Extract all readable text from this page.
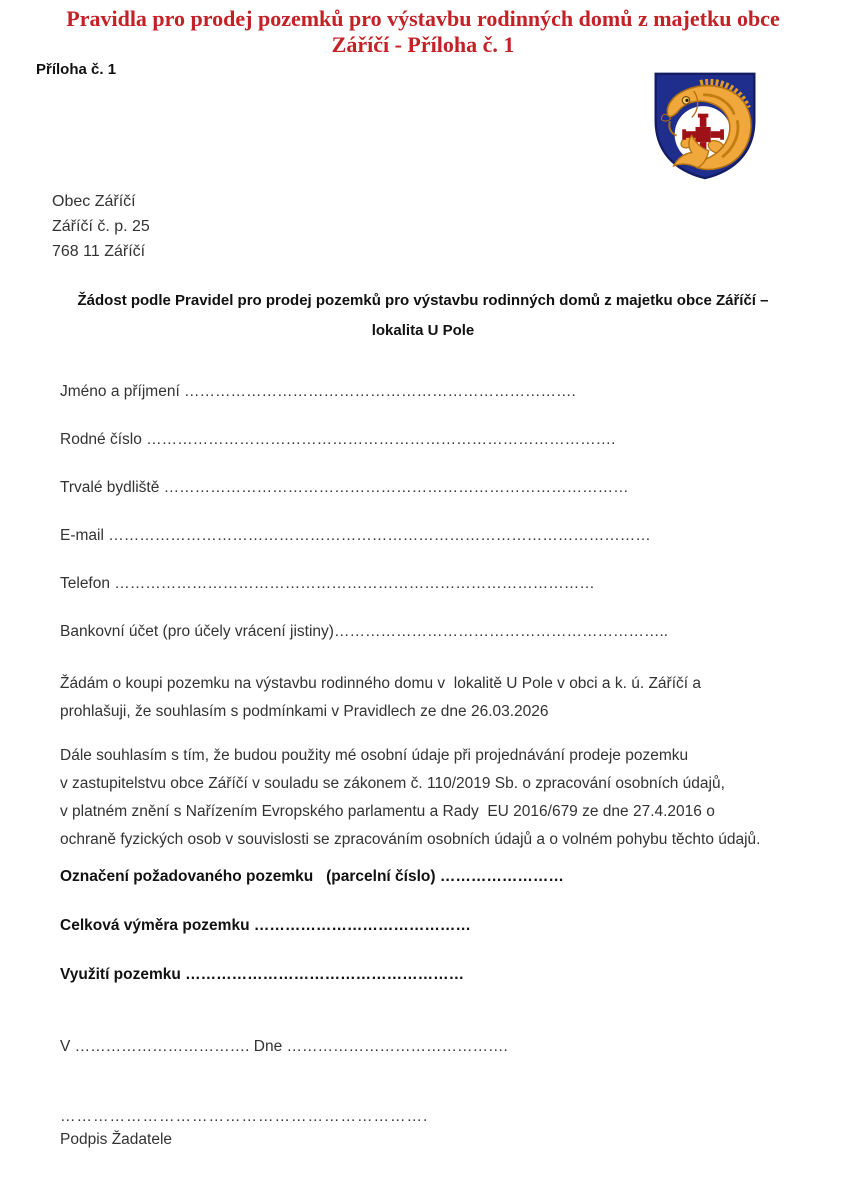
Pravidla pro prodej pozemků pro výstavbu rodinných domů z majetku obce
Záříčí - Příloha č. 1
Příloha č. 1
Obec Záříčí
Záříčí č. p. 25
768 11 Záříčí
Žádost podle Pravidel pro prodej pozemků pro výstavbu rodinných domů z majetku obce Záříčí –
lokalita U Pole
Jméno a příjmení ………………………………………………………………….
Rodné číslo ……………………………………………………………………………….
Trvalé bydliště ………………………………………………………………………………
E-mail ……………………………………………………………………………………………
Telefon …………………………………………………………………………………
Bankovní účet (pro účely vrácení jistiny)………………………………………………………..
Žádám o koupi pozemku na výstavbu rodinného domu v  lokalitě U Pole v obci a k. ú. Záříčí a
prohlašuji, že souhlasím s podmínkami v Pravidlech ze dne 26.03.2026
Dále souhlasím s tím, že budou použity mé osobní údaje při projednávání prodeje pozemku
v zastupitelstvu obce Záříčí v souladu se zákonem č. 110/2019 Sb. o zpracování osobních údajů,
v platném znění s Nařízením Evropského parlamentu a Rady  EU 2016/679 ze dne 27.4.2016 o
ochraně fyzických osob v souvislosti se zpracováním osobních údajů a o volném pohybu těchto údajů.
Označení požadovaného pozemku   (parcelní číslo) ……………………
Celková výměra pozemku ……………………………………
Využití pozemku ………………………………………………
V ……………………………. Dne …………………………………….
………………………………………………………….
Podpis Žadatele
